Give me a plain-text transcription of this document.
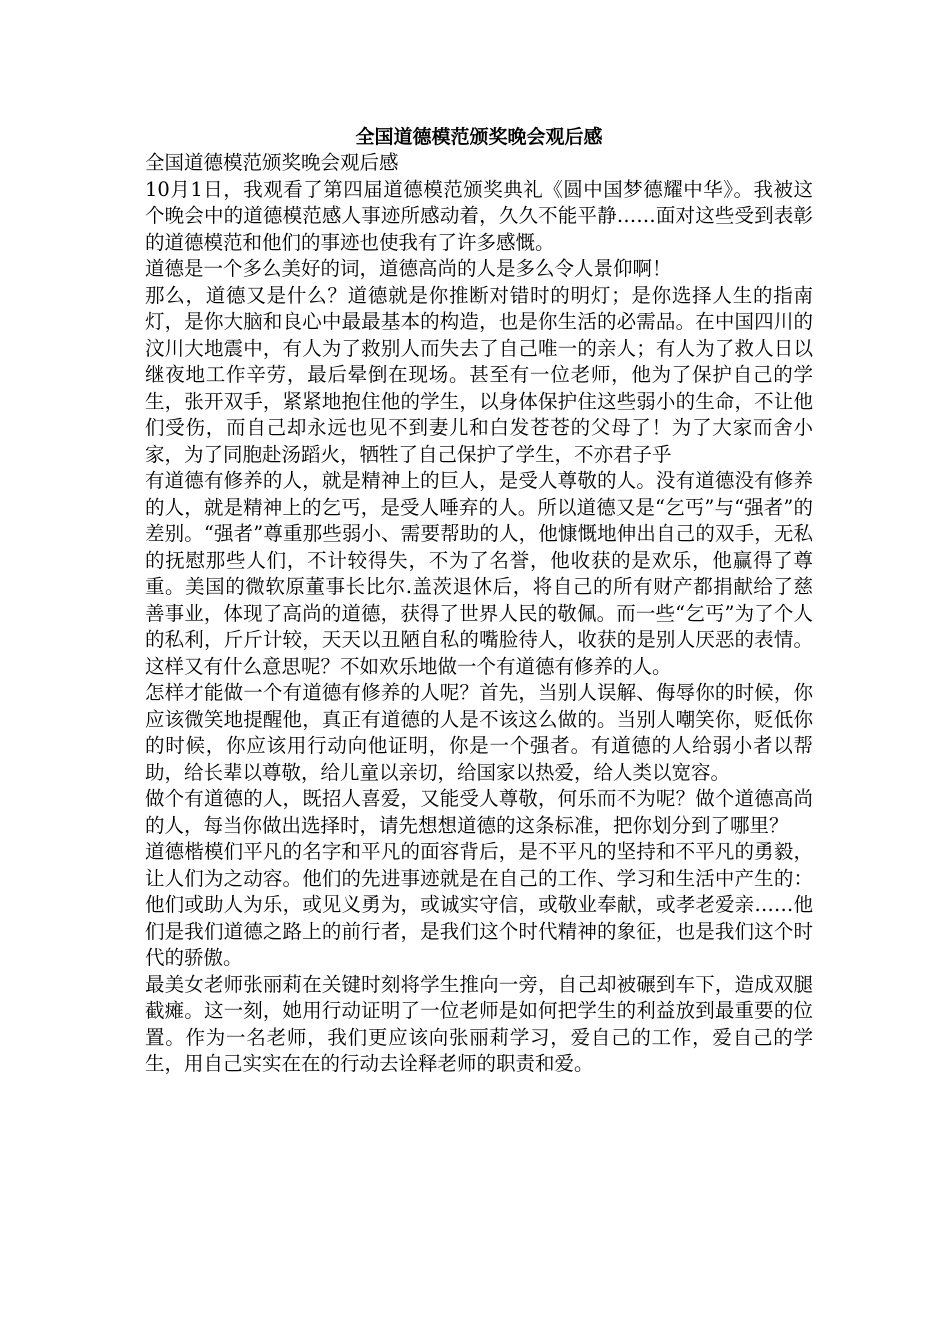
全国道德模范颁奖晚会观后感

全国道德模范颁奖晚会观后感

10月1日，我观看了第四届道德模范颁奖典礼《圆中国梦德耀中华》。我被这个晚会中的道德模范感人事迹所感动着，久久不能平静……面对这些受到表彰的道德模范和他们的事迹也使我有了许多感慨。

道德是一个多么美好的词，道德高尚的人是多么令人景仰啊！

那么，道德又是什么？道德就是你推断对错时的明灯；是你选择人生的指南灯，是你大脑和良心中最最基本的构造，也是你生活的必需品。在中国四川的汶川大地震中，有人为了救别人而失去了自己唯一的亲人；有人为了救人日以继夜地工作辛劳，最后晕倒在现场。甚至有一位老师，他为了保护自己的学生，张开双手，紧紧地抱住他的学生，以身体保护住这些弱小的生命，不让他们受伤，而自己却永远也见不到妻儿和白发苍苍的父母了！为了大家而舍小家，为了同胞赴汤蹈火，牺牲了自己保护了学生，不亦君子乎

有道德有修养的人，就是精神上的巨人，是受人尊敬的人。没有道德没有修养的人，就是精神上的乞丐，是受人唾弃的人。所以道德又是“乞丐”与“强者”的差别。“强者”尊重那些弱小、需要帮助的人，他慷慨地伸出自己的双手，无私的抚慰那些人们，不计较得失，不为了名誉，他收获的是欢乐，他赢得了尊重。美国的微软原董事长比尔.盖茨退休后，将自己的所有财产都捐献给了慈善事业，体现了高尚的道德，获得了世界人民的敬佩。而一些“乞丐”为了个人的私利，斤斤计较，天天以丑陋自私的嘴脸待人，收获的是别人厌恶的表情。这样又有什么意思呢？不如欢乐地做一个有道德有修养的人。

怎样才能做一个有道德有修养的人呢？首先，当别人误解、侮辱你的时候，你应该微笑地提醒他，真正有道德的人是不该这么做的。当别人嘲笑你，贬低你的时候，你应该用行动向他证明，你是一个强者。有道德的人给弱小者以帮助，给长辈以尊敬，给儿童以亲切，给国家以热爱，给人类以宽容。

做个有道德的人，既招人喜爱，又能受人尊敬，何乐而不为呢？做个道德高尚的人，每当你做出选择时，请先想想道德的这条标准，把你划分到了哪里？

道德楷模们平凡的名字和平凡的面容背后，是不平凡的坚持和不平凡的勇毅，让人们为之动容。他们的先进事迹就是在自己的工作、学习和生活中产生的：他们或助人为乐，或见义勇为，或诚实守信，或敬业奉献，或孝老爱亲……他们是我们道德之路上的前行者，是我们这个时代精神的象征，也是我们这个时代的骄傲。

最美女老师张丽莉在关键时刻将学生推向一旁，自己却被碾到车下，造成双腿截瘫。这一刻，她用行动证明了一位老师是如何把学生的利益放到最重要的位置。作为一名老师，我们更应该向张丽莉学习，爱自己的工作，爱自己的学生，用自己实实在在的行动去诠释老师的职责和爱。
